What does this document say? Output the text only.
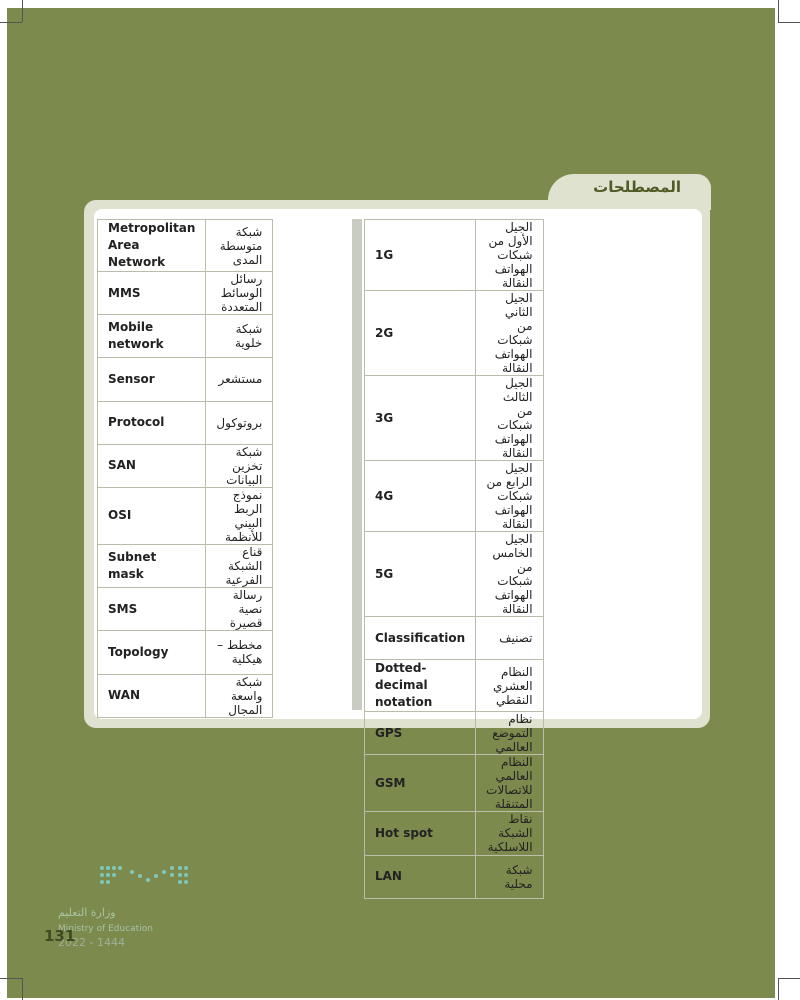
المصطلحات
Metropolitan Area Network	شبكة متوسطة المدى
MMS	رسائل الوسائط المتعددة
Mobile network	شبكة خلوية
Sensor	مستشعر
Protocol	بروتوكول
SAN	شبكة تخزين البيانات
OSI	نموذج الربط البيني للأنظمة
Subnet mask	قناع الشبكة الفرعية
SMS	رسالة نصية قصيرة
Topology	مخطط – هيكلية
WAN	شبكة واسعة المجال
1G	الجيل الأول من شبكات الهواتف النقالة
2G	الجيل الثاني من شبكات الهواتف النقالة
3G	الجيل الثالث من شبكات الهواتف النقالة
4G	الجيل الرابع من شبكات الهواتف النقالة
5G	الجيل الخامس من شبكات الهواتف النقالة
Classification	تصنيف
Dotted-decimal notation	النظام العشري النقطي
GPS	نظام التموضع العالمي
GSM	النظام العالمي للاتصالات المتنقلة
Hot spot	نقاط الشبكة اللاسلكية
LAN	شبكة محلية
وزارة التعليم
Ministry of Education
2022 - 1444
131
